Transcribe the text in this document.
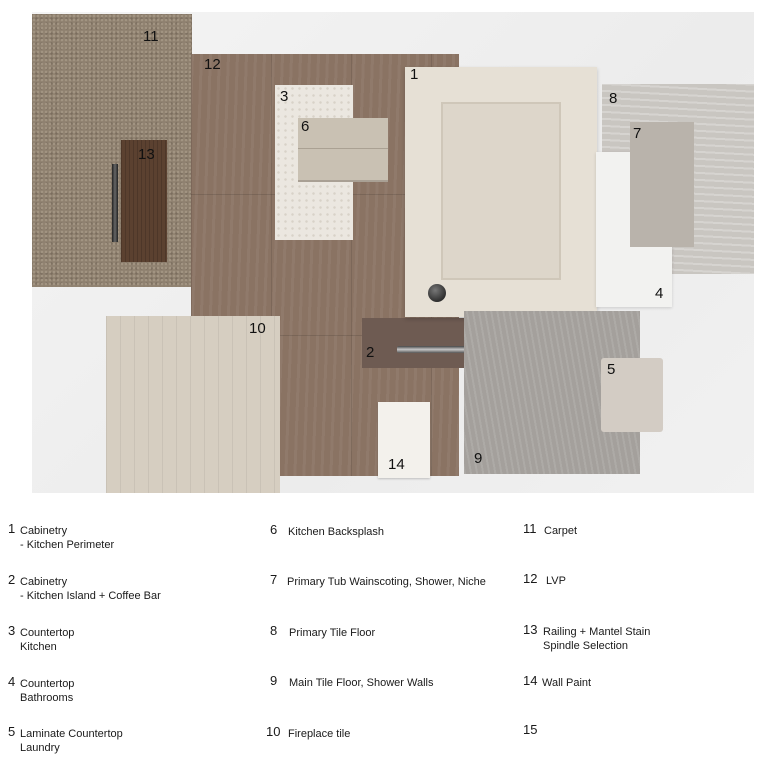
1
2
3
4
5
6	7
8
9
10
11
12
13
14
1 Cabinetry
- Kitchen Perimeter
2 Cabinetry
- Kitchen Island + Coffee Bar
3 Countertop
Kitchen
4 Countertop
Bathrooms
5 Laminate Countertop
Laundry
6 Kitchen Backsplash
7 Primary Tub Wainscoting, Shower, Niche
8 Primary Tile Floor
9 Main Tile Floor, Shower Walls
10 Fireplace tile
11 Carpet
12 LVP
13 Railing + Mantel Stain
Spindle Selection
14 Wall Paint
15
